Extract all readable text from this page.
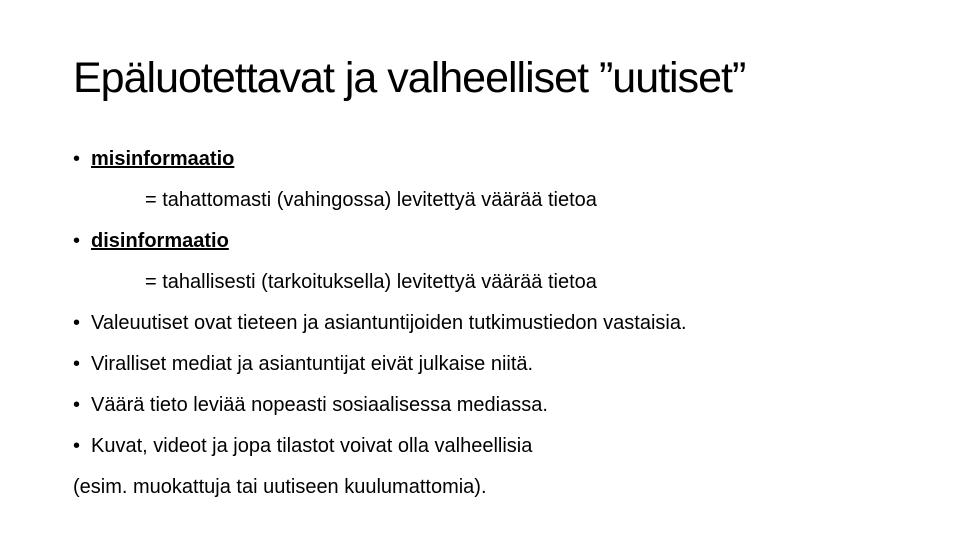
Epäluotettavat ja valheelliset ”uutiset”
• misinformaatio
= tahattomasti (vahingossa) levitettyä väärää tietoa
• disinformaatio
= tahallisesti (tarkoituksella) levitettyä väärää tietoa
• Valeuutiset ovat tieteen ja asiantuntijoiden tutkimustiedon vastaisia.
• Viralliset mediat ja asiantuntijat eivät julkaise niitä.
• Väärä tieto leviää nopeasti sosiaalisessa mediassa.
• Kuvat, videot ja jopa tilastot voivat olla valheellisia
(esim. muokattuja tai uutiseen kuulumattomia).
